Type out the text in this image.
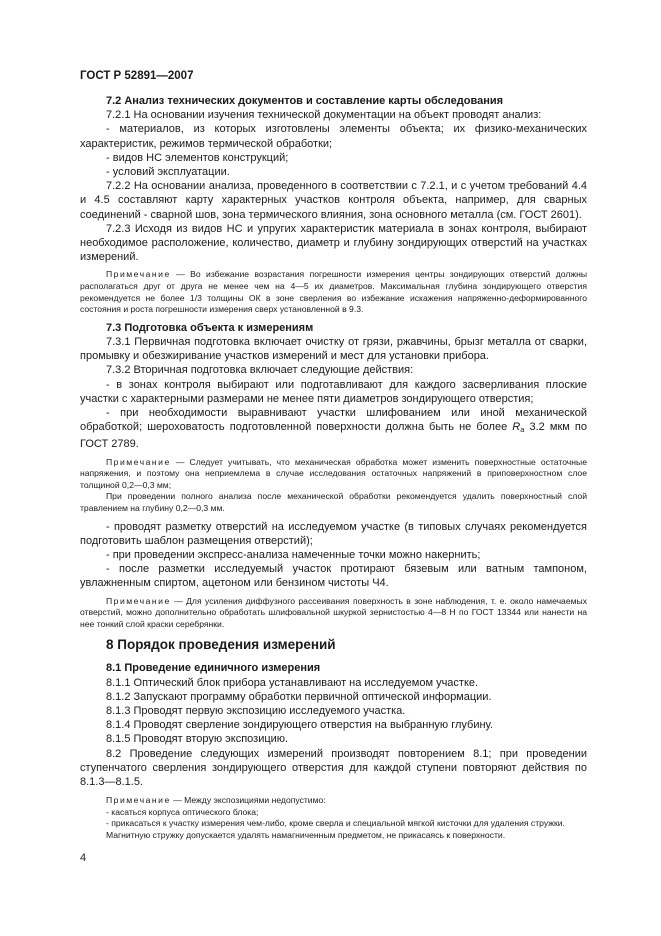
ГОСТ Р 52891—2007

7.2 Анализ технических документов и составление карты обследования

7.2.1 На основании изучения технической документации на объект проводят анализ:

- материалов, из которых изготовлены элементы объекта; их физико-механических характеристик, режимов термической обработки;

- видов НС элементов конструкций;

- условий эксплуатации.

7.2.2 На основании анализа, проведенного в соответствии с 7.2.1, и с учетом требований 4.4 и 4.5 составляют карту характерных участков контроля объекта, например, для сварных соединений - сварной шов, зона термического влияния, зона основного металла (см. ГОСТ 2601).

7.2.3 Исходя из видов НС и упругих характеристик материала в зонах контроля, выбирают необходимое расположение, количество, диаметр и глубину зондирующих отверстий на участках измерений.

Примечание — Во избежание возрастания погрешности измерения центры зондирующих отверстий должны располагаться друг от друга не менее чем на 4—5 их диаметров. Максимальная глубина зондирующего отверстия рекомендуется не более 1/3 толщины ОК в зоне сверления во избежание искажения напряженно-деформированного состояния и роста погрешности измерения сверх установленной в 9.3.

7.3 Подготовка объекта к измерениям

7.3.1 Первичная подготовка включает очистку от грязи, ржавчины, брызг металла от сварки, промывку и обезжиривание участков измерений и мест для установки прибора.

7.3.2 Вторичная подготовка включает следующие действия:

- в зонах контроля выбирают или подготавливают для каждого засверливания плоские участки с характерными размерами не менее пяти диаметров зондирующего отверстия;

- при необходимости выравнивают участки шлифованием или иной механической обработкой; шероховатость подготовленной поверхности должна быть не более $R_a$ 3.2 мкм по ГОСТ 2789.

Примечание — Следует учитывать, что механическая обработка может изменить поверхностные остаточные напряжения, и поэтому она неприемлема в случае исследования остаточных напряжений в приповерхностном слое толщиной 0,2—0,3 мм;

При проведении полного анализа после механической обработки рекомендуется удалить поверхностный слой травлением на глубину 0,2—0,3 мм.

- проводят разметку отверстий на исследуемом участке (в типовых случаях рекомендуется подготовить шаблон размещения отверстий);

- при проведении экспресс-анализа намеченные точки можно накернить;

- после разметки исследуемый участок протирают бязевым или ватным тампоном, увлажненным спиртом, ацетоном или бензином чистоты Ч4.

Примечание — Для усиления диффузного рассеивания поверхность в зоне наблюдения, т. е. около намечаемых отверстий, можно дополнительно обработать шлифовальной шкуркой зернистостью 4—8 Н по ГОСТ 13344 или нанести на нее тонкий слой краски серебрянки.

8 Порядок проведения измерений

8.1 Проведение единичного измерения

8.1.1 Оптический блок прибора устанавливают на исследуемом участке.

8.1.2 Запускают программу обработки первичной оптической информации.

8.1.3 Проводят первую экспозицию исследуемого участка.

8.1.4 Проводят сверление зондирующего отверстия на выбранную глубину.

8.1.5 Проводят вторую экспозицию.

8.2 Проведение следующих измерений производят повторением 8.1; при проведении ступенчатого сверления зондирующего отверстия для каждой ступени повторяют действия по 8.1.3—8.1.5.

Примечание — Между экспозициями недопустимо:

- касаться корпуса оптического блока;

- прикасаться к участку измерения чем-либо, кроме сверла и специальной мягкой кисточки для удаления стружки.

Магнитную стружку допускается удалять намагниченным предметом, не прикасаясь к поверхности.

4
